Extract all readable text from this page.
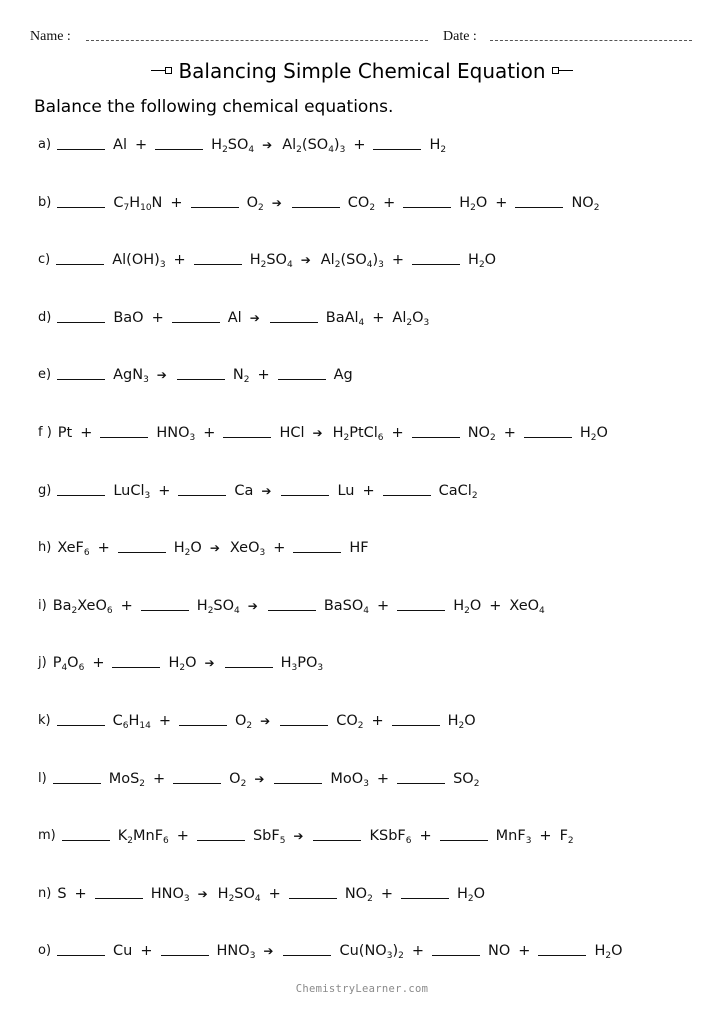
Name :	Date :
Balancing Simple Chemical Equation
Balance the following chemical equations.
a)	Al +	$H_2SO_4$ ➔ $Al_2(SO_4)_3$ +	$H_2$
b)	$C_7H_{10}N$ +	$O_2$ ➔	$CO_2$ +	$H_2O$ +	$NO_2$
c)	$Al(OH)_3$ +	$H_2SO_4$ ➔ $Al_2(SO_4)_3$ +	$H_2O$
d)	BaO +	Al ➔	BaAl$_4$ + $Al_2O_3$
e)	AgN$_3$ ➔	$N_2$ +	Ag
f ) Pt +	$HNO_3$ +	HCl ➔ $H_2PtCl_6$ +	$NO_2$ +	$H_2O$
g)	LuCl$_3$ +	Ca ➔	Lu +	CaCl$_2$
h) XeF$_6$ +	$H_2O$ ➔ XeO$_3$ +	HF
i) $Ba_2XeO_6$ +	$H_2SO_4$ ➔	BaSO$_4$ +	$H_2O + XeO_4$
j) $P_4O_6$ +	$H_2O$ ➔	$H_3PO_3$
k)	$C_6H_{14}$ +	$O_2$ ➔	$CO_2$ +	$H_2O$
l)	MoS$_2$ +	$O_2$ ➔	MoO$_3$ +	$SO_2$
m)	$K_2MnF_6$ +	SbF$_5$ ➔	KSbF$_6$ +	$MnF_3 + F_2$
n) S +	$HNO_3$ ➔ $H_2SO_4$ +	$NO_2$ +	$H_2O$
o)	Cu +	$HNO_3$ ➔	$Cu(NO_3)_2$ +	NO +	$H_2O$
ChemistryLearner.com
